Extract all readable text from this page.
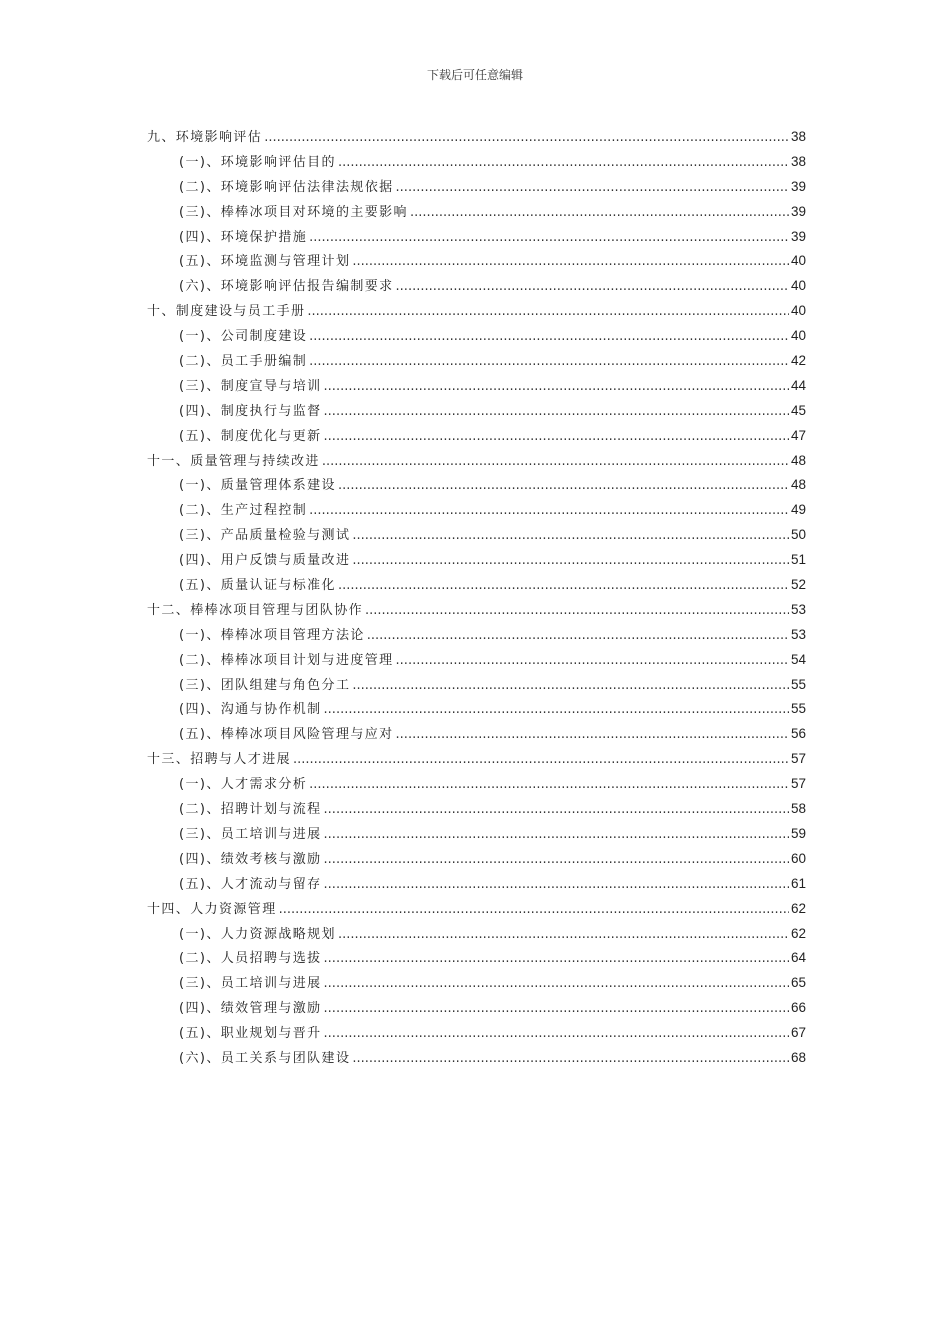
下载后可任意编辑
九、环境影响评估 .....	38
(一)、环境影响评估目的 .....	38
(二)、环境影响评估法律法规依据 .....	39
(三)、棒棒冰项目对环境的主要影响 .....	39
(四)、环境保护措施 .....	39
(五)、环境监测与管理计划 .....	40
(六)、环境影响评估报告编制要求 .....	40
十、制度建设与员工手册 .....	40
(一)、公司制度建设 .....	40
(二)、员工手册编制 .....	42
(三)、制度宣导与培训 .....	44
(四)、制度执行与监督 .....	45
(五)、制度优化与更新 .....	47
十一、质量管理与持续改进 .....	48
(一)、质量管理体系建设 .....	48
(二)、生产过程控制 .....	49
(三)、产品质量检验与测试 .....	50
(四)、用户反馈与质量改进 .....	51
(五)、质量认证与标准化 .....	52
十二、棒棒冰项目管理与团队协作 .....	53
(一)、棒棒冰项目管理方法论 .....	53
(二)、棒棒冰项目计划与进度管理 .....	54
(三)、团队组建与角色分工 .....	55
(四)、沟通与协作机制 .....	55
(五)、棒棒冰项目风险管理与应对 .....	56
十三、招聘与人才进展 .....	57
(一)、人才需求分析 .....	57
(二)、招聘计划与流程 .....	58
(三)、员工培训与进展 .....	59
(四)、绩效考核与激励 .....	60
(五)、人才流动与留存 .....	61
十四、人力资源管理 .....	62
(一)、人力资源战略规划 .....	62
(二)、人员招聘与选拔 .....	64
(三)、员工培训与进展 .....	65
(四)、绩效管理与激励 .....	66
(五)、职业规划与晋升 .....	67
(六)、员工关系与团队建设 .....	68
